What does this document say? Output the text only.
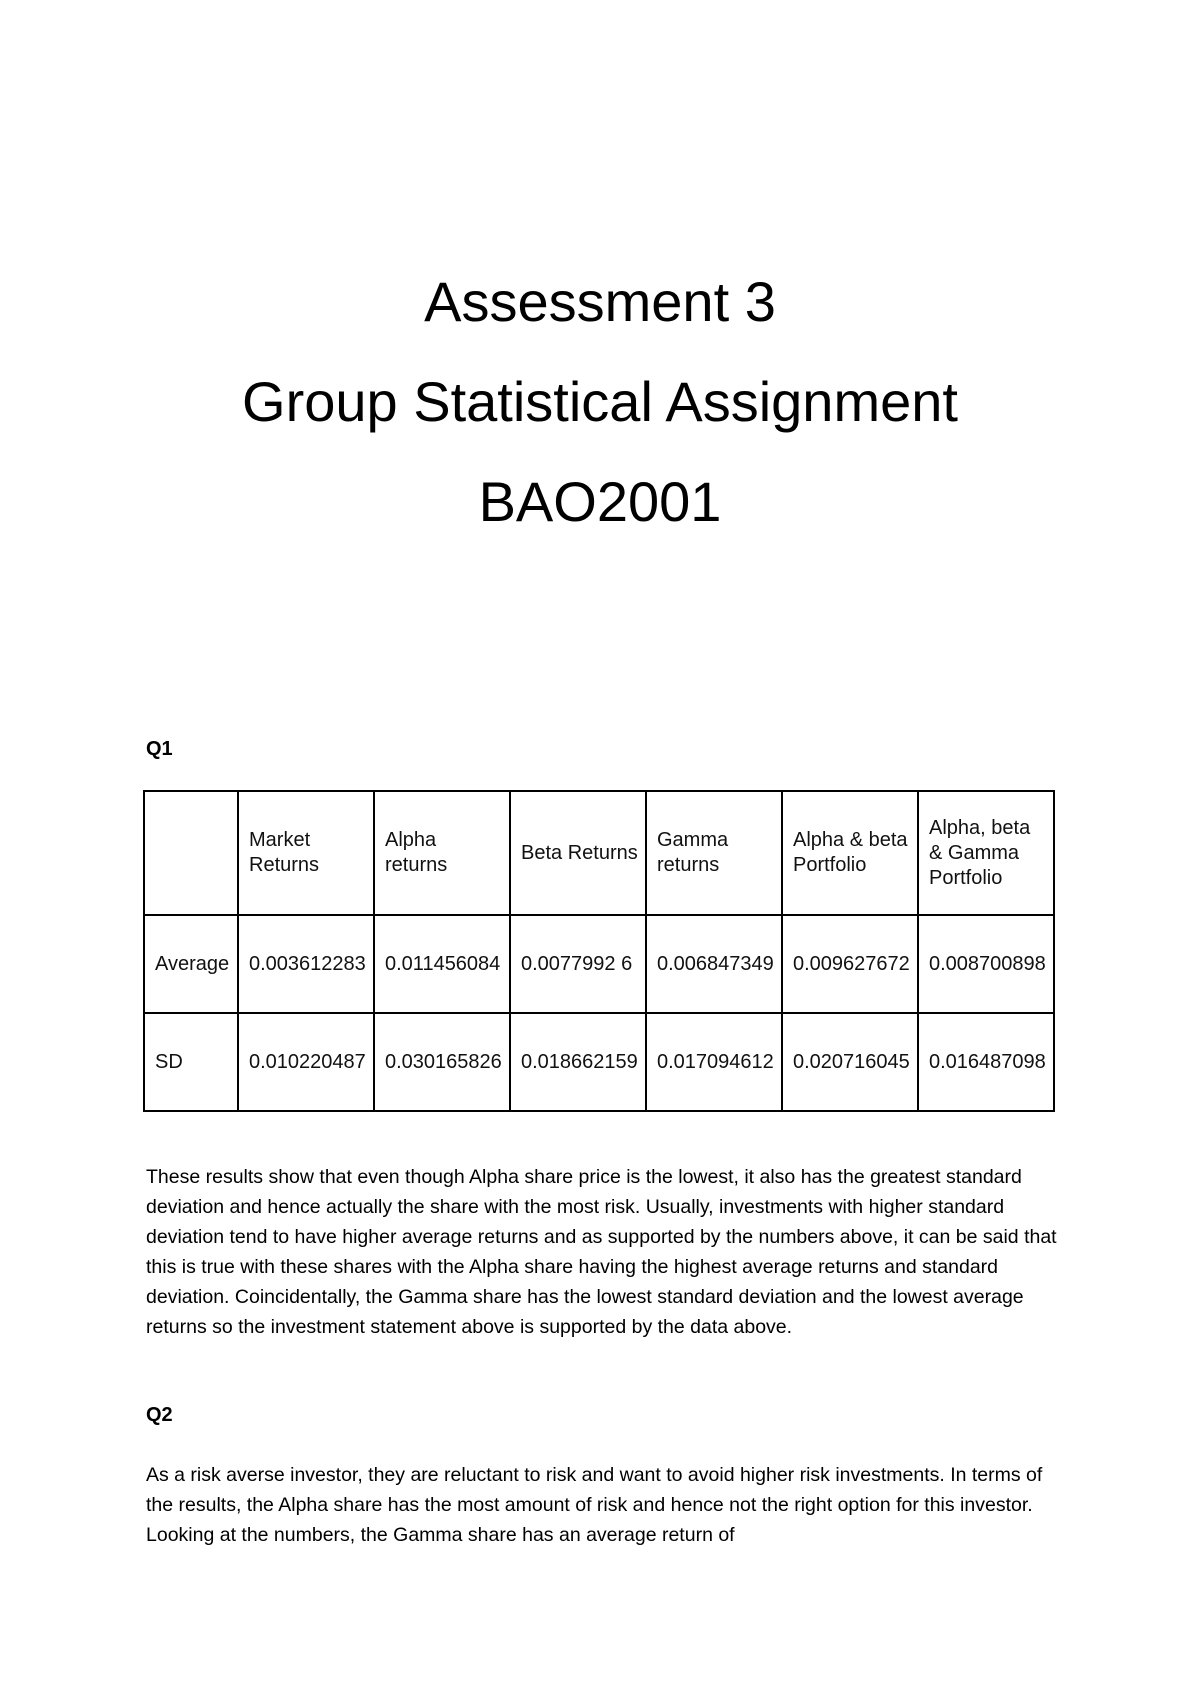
Assessment 3
Group Statistical Assignment
BAO2001
Q1
	Market Returns	Alpha returns	Beta Returns	Gamma returns	Alpha & beta Portfolio	Alpha, beta & Gamma Portfolio
Average	0.003612283	0.011456084	0.0077992 6	0.006847349	0.009627672	0.008700898
SD	0.010220487	0.030165826	0.018662159	0.017094612	0.020716045	0.016487098

These results show that even though Alpha share price is the lowest, it also has the greatest standard deviation and hence actually the share with the most risk. Usually, investments with higher standard deviation tend to have higher average returns and as supported by the numbers above, it can be said that this is true with these shares with the Alpha share having the highest average returns and standard deviation. Coincidentally, the Gamma share has the lowest standard deviation and the lowest average returns so the investment statement above is supported by the data above.

Q2

As a risk averse investor, they are reluctant to risk and want to avoid higher risk investments. In terms of the results, the Alpha share has the most amount of risk and hence not the right option for this investor. Looking at the numbers, the Gamma share has an average return of
